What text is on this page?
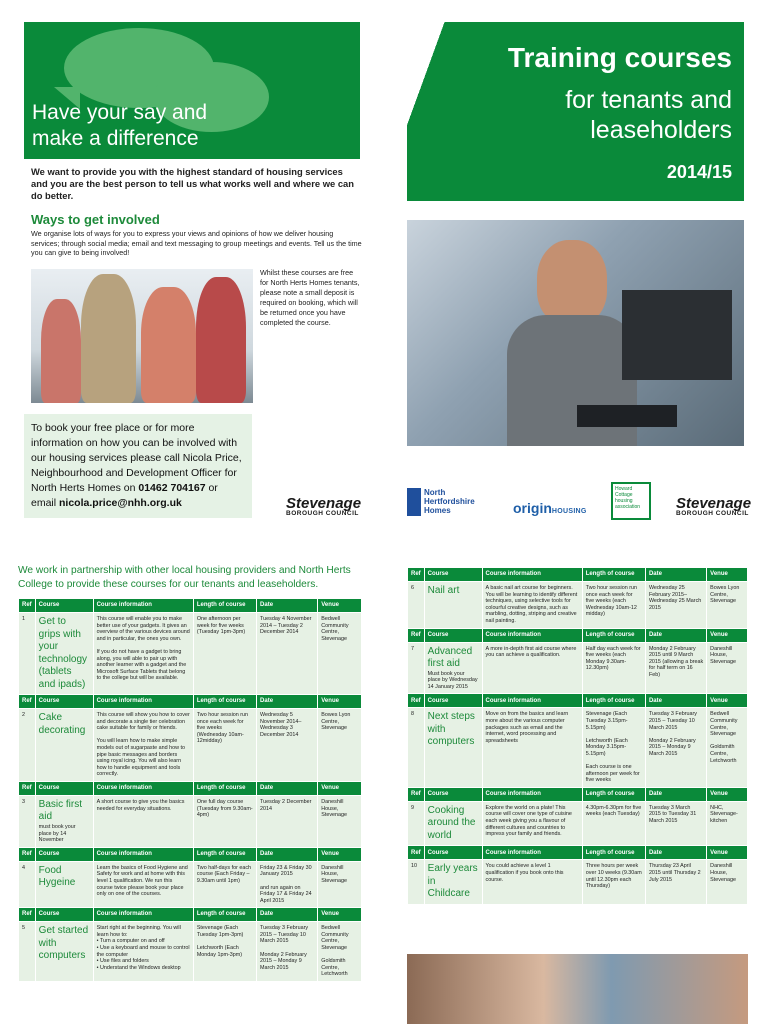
Have your say and
make a difference
We want to provide you with the highest standard of housing services and you are the best person to tell us what works well and where we can do better.
Ways to get involved
We organise lots of ways for you to express your views and opinions of how we deliver housing services; through social media; email and text messaging to group meetings and events. Tell us the time you can give to being involved!
Whilst these courses are free for North Herts Homes tenants, please note a small deposit is required on booking, which will be returned once you have completed the course.

To book your free place or for more information on how you can be involved with our housing services please call Nicola Price, Neighbourhood and Development Officer for North Herts Homes on 01462 704167 or email nicola.price@nhh.org.uk	Stevenage
BOROUGH COUNCIL
Training courses
for tenants and
leaseholders
2014/15
North
Hertfordshire
Homes	originHOUSING
Howard Cottage
housing association	Stevenage
BOROUGH COUNCIL
We work in partnership with other local housing providers and North Herts College to provide these courses for our tenants and leaseholders.
Ref	Course	Course information	Length of course	Date	Venue
1	Get to grips with your technology (tablets and ipads)	This course will enable you to make better use of your gadgets. It gives an overview of the various devices around and in particular, the ones you own.

If you do not have a gadget to bring along, you will able to pair up with another learner with a gadget and the Microsoft Surface Tablets that belong to the college but will be available.	One afternoon per week for five weeks (Tuesday 1pm-3pm)	Tuesday 4 November 2014 – Tuesday 2 December 2014	Bedwell Community Centre, Stevenage
Ref	Course	Course information	Length of course	Date	Venue
2	Cake decorating	This course will show you how to cover and decorate a single tier celebration cake suitable for family or friends.

You will learn how to make simple models out of sugarpaste and how to pipe basic messages and borders using royal icing. You will also learn how to handle equipment and tools correctly.	Two hour session run once each week for five weeks (Wednesday 10am-12midday)	Wednesday 5 November 2014– Wednesday 3 December 2014	Bowes Lyon Centre, Stevenage
Ref	Course	Course information	Length of course	Date	Venue
3	Basic first aid
must book your place by 14 November	A short course to give you the basics needed for everyday situations.	One full day course (Tuesday from 9.30am-4pm)	Tuesday 2 December 2014	Daneshill House, Stevenage
Ref	Course	Course information	Length of course	Date	Venue
4	Food Hygeine	Learn the basics of Food Hygiene and Safety for work and at home with this level 1 qualification. We run this course twice please book your place only on one of the courses.	Two half-days for each course (Each Friday – 9.30am until 1pm)	Friday 23 & Friday 30 January 2015

and run again on Friday 17 & Friday 24 April 2015	Daneshill House, Stevenage
Ref	Course	Course information	Length of course	Date	Venue
5	Get started with computers	Start right at the beginning. You will learn how to:
• Turn a computer on and off
• Use a keyboard and mouse to control the computer
• Use files and folders
• Understand the Windows desktop	Stevenage (Each Tuesday 1pm-3pm)

Letchworth (Each Monday 1pm-3pm)	Tuesday 3 February 2015 – Tuesday 10 March 2015

Monday 2 February 2015 – Monday 9 March 2015	Bedwell Community Centre, Stevenage

Goldsmith Centre, Letchworth
Ref	Course	Course information	Length of course	Date	Venue
6	Nail art	A basic nail art course for beginners. You will be learning to identify different techniques, using selective tools for colourful creative designs, such as marbling, dotting, striping and creative nail painting.	Two hour session run once each week for five weeks (each Wednesday 10am-12 midday)	Wednesday 25 February 2015– Wednesday 25 March 2015	Bowes Lyon Centre, Stevenage
Ref	Course	Course information	Length of course	Date	Venue
7	Advanced first aid
Must book your place by Wednesday 14 January 2015	A more in-depth first aid course where you can achieve a qualification.	Half day each week for five weeks (each Monday 9.30am-12.30pm)	Monday 2 February 2015 until 9 March 2015 (allowing a break for half term on 16 Feb)	Daneshill House, Stevenage
Ref	Course	Course information	Length of course	Date	Venue
8	Next steps with computers	Move on from the basics and learn more about the various computer packages such as email and the internet, word processing and spreadsheets	Stevenage (Each Tuesday 3.15pm-5.15pm)

Letchworth (Each Monday 3.15pm-5.15pm)

Each course is one afternoon per week for five weeks	Tuesday 3 February 2015 – Tuesday 10 March 2015

Monday 2 February 2015 – Monday 9 March 2015	Bedwell Community Centre, Stevenage

Goldsmith Centre, Letchworth
Ref	Course	Course information	Length of course	Date	Venue
9	Cooking around the world	Explore the world on a plate! This course will cover one type of cuisine each week giving you a flavour of different cultures and countries to impress your family and friends.	4.30pm-6.30pm for five weeks (each Tuesday)	Tuesday 3 March 2015 to Tuesday 31 March 2015	NHC, Stevenage- kitchen
Ref	Course	Course information	Length of course	Date	Venue
10	Early years in Childcare	You could achieve a level 1 qualification if you book onto this course.	Three hours per week over 10 weeks (9.30am until 12.30pm each Thursday)	Thursday 23 April 2015 until Thursday 2 July 2015	Daneshill House, Stevenage
